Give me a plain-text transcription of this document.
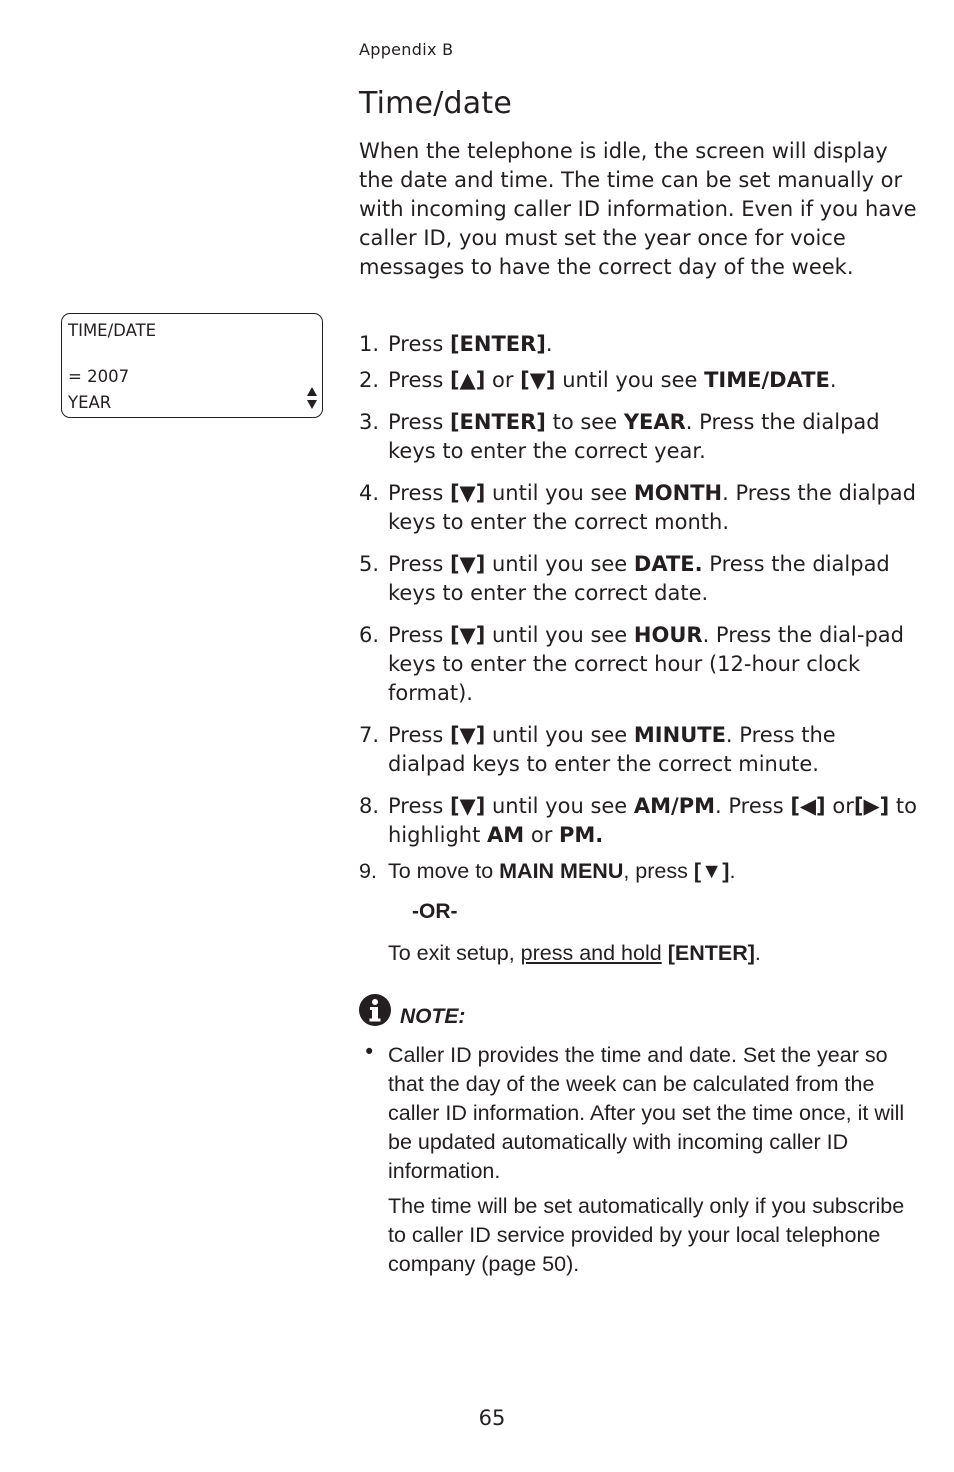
Appendix B
Time/date

When the telephone is idle, the screen will display the date and time. The time can be set manually or with incoming caller ID information. Even if you have caller ID, you must set the year once for voice messages to have the correct day of the week.

TIME/DATE
= 2007
YEAR
1. Press [ENTER].
2. Press [▲] or [▼] until you see TIME/DATE.
3. Press [ENTER] to see YEAR. Press the dialpad keys to enter the correct year.
4. Press [▼] until you see MONTH. Press the dialpad keys to enter the correct month.
5. Press [▼] until you see DATE. Press the dialpad keys to enter the correct date.
6. Press [▼] until you see HOUR. Press the dial-pad keys to enter the correct hour (12-hour clock format).
7. Press [▼] until you see MINUTE. Press the dialpad keys to enter the correct minute.
8. Press [▼] until you see AM/PM. Press [◀] or[▶] to highlight AM or PM.
9. To move to MAIN MENU, press [▼].
-OR-
To exit setup, press and hold [ENTER].
NOTE:
• Caller ID provides the time and date. Set the year so that the day of the week can be calculated from the caller ID information. After you set the time once, it will be updated automatically with incoming caller ID information.

The time will be set automatically only if you subscribe to caller ID service provided by your local telephone company (page 50).

65
